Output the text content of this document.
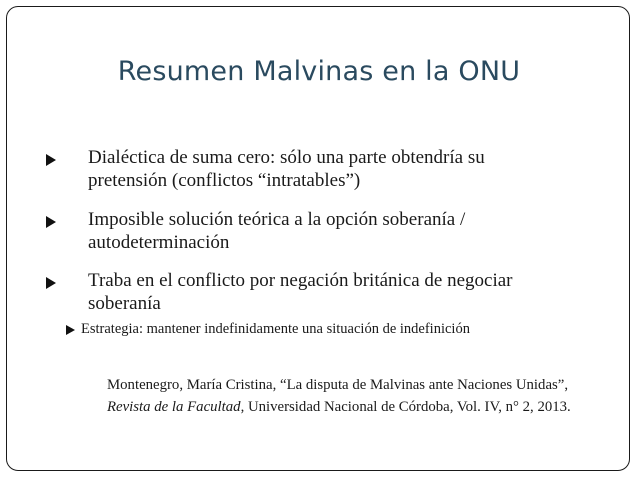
Resumen Malvinas en la ONU
Dialéctica de suma cero: sólo una parte obtendría su
pretensión (conflictos “intratables”)
Imposible solución teórica a la opción soberanía /
autodeterminación
Traba en el conflicto por negación británica de negociar
soberanía
Estrategia: mantener indefinidamente una situación de indefinición
Montenegro, María Cristina, “La disputa de Malvinas ante Naciones Unidas”,
Revista de la Facultad, Universidad Nacional de Córdoba, Vol. IV, n° 2, 2013.
